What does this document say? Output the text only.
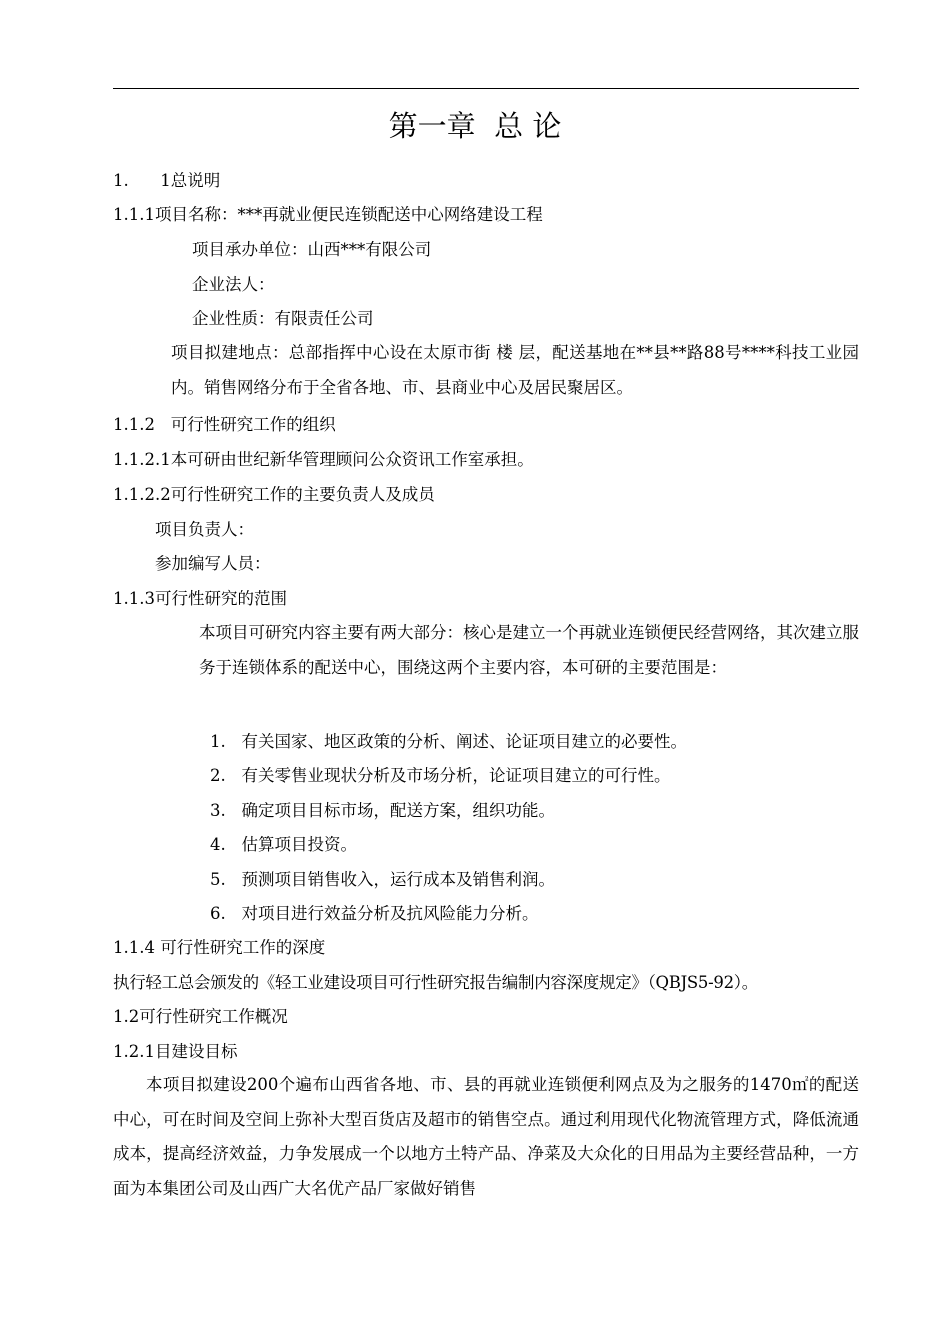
第一章  总 论
1.      1总说明
1.1.1项目名称：***再就业便民连锁配送中心网络建设工程
项目承办单位：山西***有限公司
企业法人：
企业性质：有限责任公司
项目拟建地点：总部指挥中心设在太原市街 楼 层，配送基地在**县**路88号****科技工业园内。销售网络分布于全省各地、市、县商业中心及居民聚居区。
1.1.2   可行性研究工作的组织
1.1.2.1本可研由世纪新华管理顾问公众资讯工作室承担。
1.1.2.2可行性研究工作的主要负责人及成员
项目负责人：
参加编写人员：
1.1.3可行性研究的范围
本项目可研究内容主要有两大部分：核心是建立一个再就业连锁便民经营网络，其次建立服务于连锁体系的配送中心，围绕这两个主要内容，本可研的主要范围是：
1.   有关国家、地区政策的分析、阐述、论证项目建立的必要性。
2.   有关零售业现状分析及市场分析，论证项目建立的可行性。
3.   确定项目目标市场，配送方案，组织功能。
4.   估算项目投资。
5.   预测项目销售收入，运行成本及销售利润。
6.   对项目进行效益分析及抗风险能力分析。
1.1.4 可行性研究工作的深度
执行轻工总会颁发的《轻工业建设项目可行性研究报告编制内容深度规定》（QBJS5-92）。
1.2可行性研究工作概况
1.2.1目建设目标
本项目拟建设200个遍布山西省各地、市、县的再就业连锁便利网点及为之服务的1470㎡的配送中心，可在时间及空间上弥补大型百货店及超市的销售空点。通过利用现代化物流管理方式，降低流通成本，提高经济效益，力争发展成一个以地方土特产品、净菜及大众化的日用品为主要经营品种，一方面为本集团公司及山西广大名优产品厂家做好销售
